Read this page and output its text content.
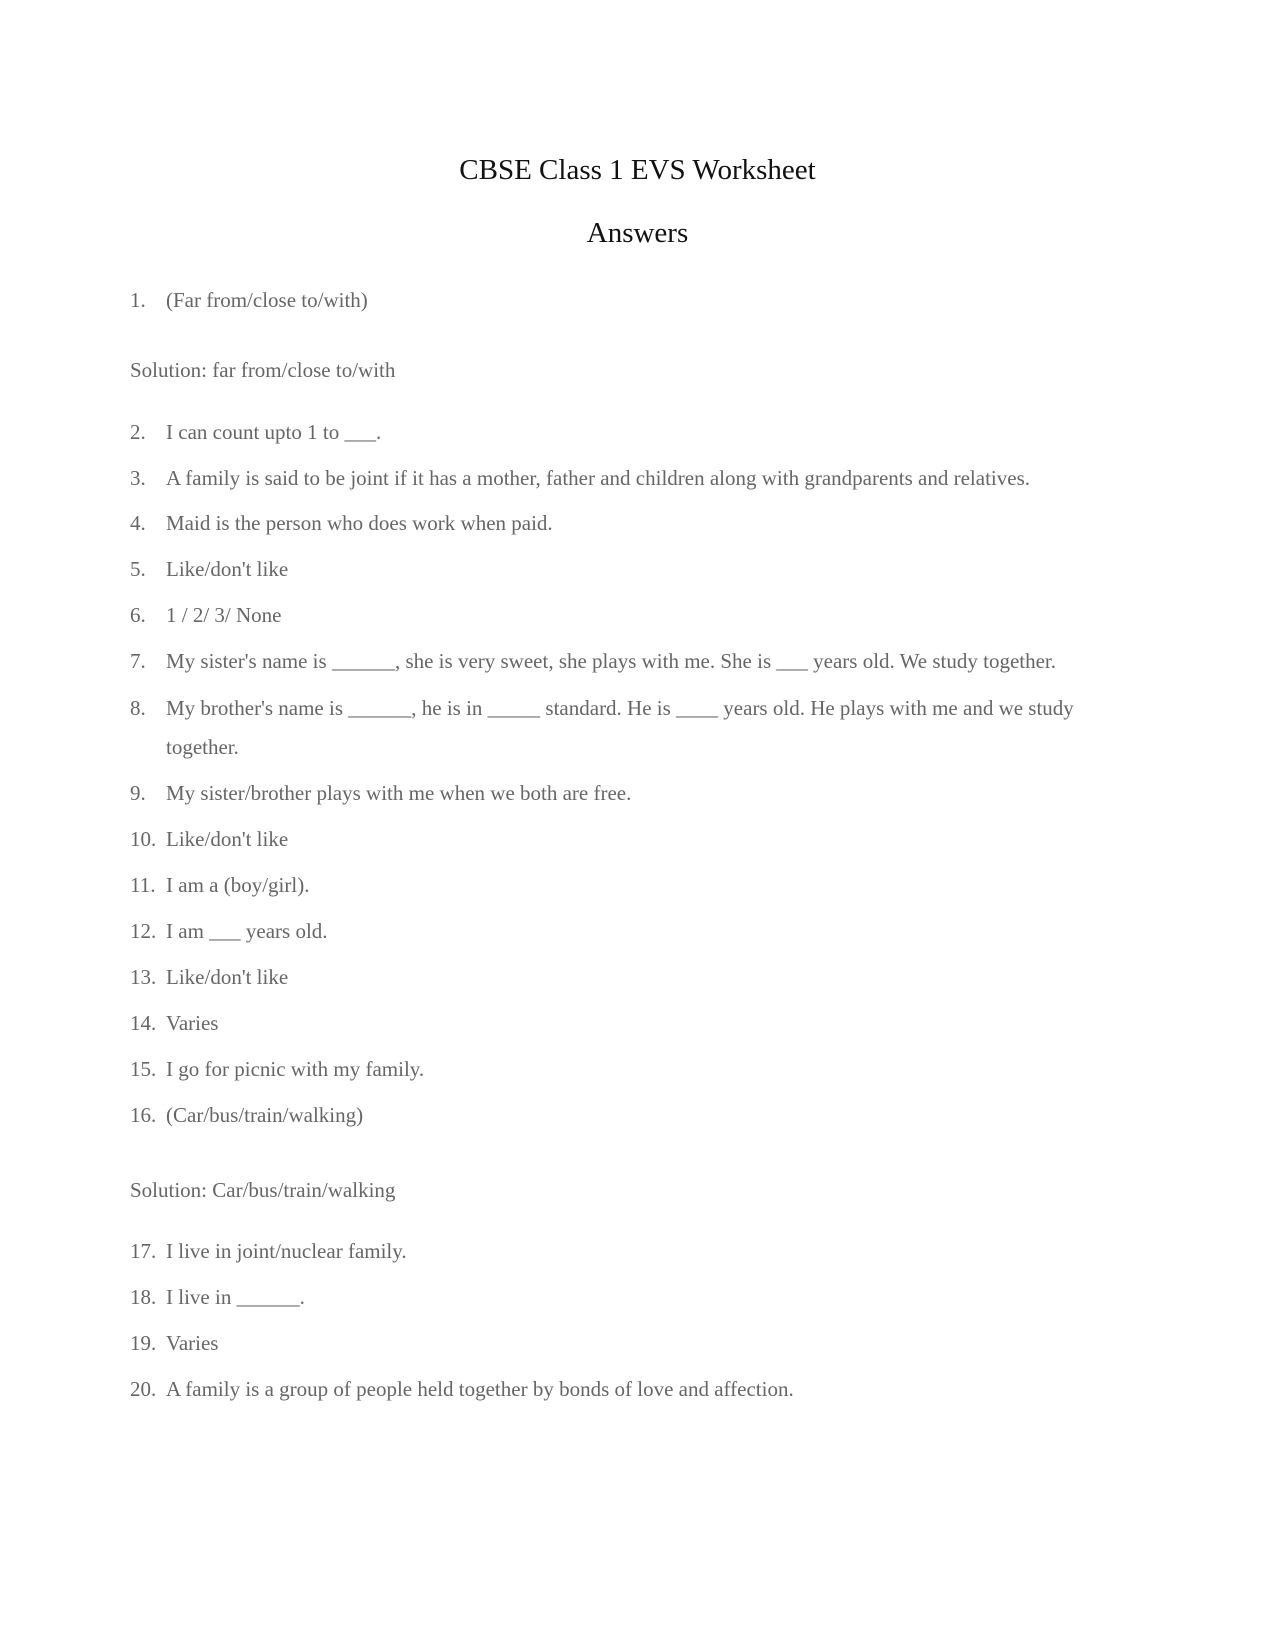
CBSE Class 1 EVS Worksheet
Answers
1. (Far from/close to/with)
Solution: far from/close to/with
2. I can count upto 1 to ___.
3. A family is said to be joint if it has a mother, father and children along with grandparents and relatives.
4. Maid is the person who does work when paid.
5. Like/don't like
6. 1 / 2/ 3/ None
7. My sister's name is ______, she is very sweet, she plays with me. She is ___ years old. We study together.
8. My brother's name is ______, he is in _____ standard. He is ____ years old. He plays with me and we study together.
9. My sister/brother plays with me when we both are free.
10. Like/don't like
11. I am a (boy/girl).
12. I am ___ years old.
13. Like/don't like
14. Varies
15. I go for picnic with my family.
16. (Car/bus/train/walking)
Solution: Car/bus/train/walking
17. I live in joint/nuclear family.
18. I live in ______.
19. Varies
20. A family is a group of people held together by bonds of love and affection.
